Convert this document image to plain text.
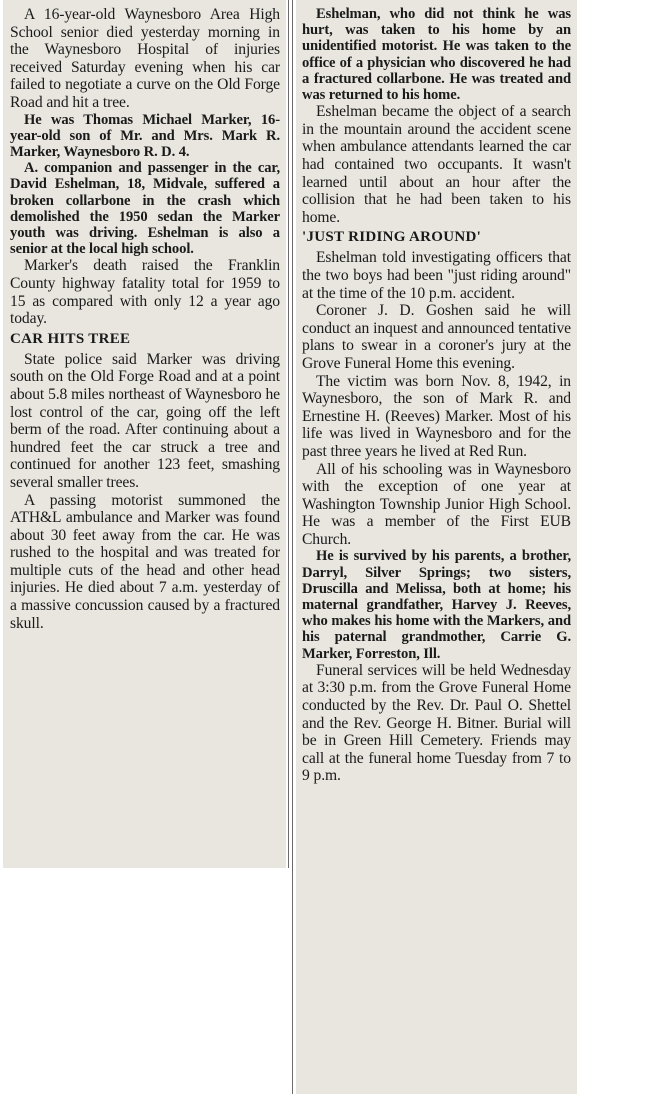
A 16-year-old Waynesboro Area High School senior died yesterday morning in the Waynesboro Hospital of injuries received Saturday evening when his car failed to negotiate a curve on the Old Forge Road and hit a tree.

He was Thomas Michael Marker, 16-year-old son of Mr. and Mrs. Mark R. Marker, Waynesboro R. D. 4.

A. companion and passenger in the car, David Eshelman, 18, Midvale, suffered a broken collarbone in the crash which demolished the 1950 sedan the Marker youth was driving. Eshelman is also a senior at the local high school.

Marker's death raised the Franklin County highway fatality total for 1959 to 15 as compared with only 12 a year ago today.

CAR HITS TREE

State police said Marker was driving south on the Old Forge Road and at a point about 5.8 miles northeast of Waynesboro he lost control of the car, going off the left berm of the road. After continuing about a hundred feet the car struck a tree and continued for another 123 feet, smashing several smaller trees.

A passing motorist summoned the ATH&L ambulance and Marker was found about 30 feet away from the car. He was rushed to the hospital and was treated for multiple cuts of the head and other head injuries. He died about 7 a.m. yesterday of a massive concussion caused by a fractured skull.

Eshelman, who did not think he was hurt, was taken to his home by an unidentified motorist. He was taken to the office of a physician who discovered he had a fractured collarbone. He was treated and was returned to his home.

Eshelman became the object of a search in the mountain around the accident scene when ambulance attendants learned the car had contained two occupants. It wasn't learned until about an hour after the collision that he had been taken to his home.

'JUST RIDING AROUND'

Eshelman told investigating officers that the two boys had been "just riding around" at the time of the 10 p.m. accident.

Coroner J. D. Goshen said he will conduct an inquest and announced tentative plans to swear in a coroner's jury at the Grove Funeral Home this evening.

The victim was born Nov. 8, 1942, in Waynesboro, the son of Mark R. and Ernestine H. (Reeves) Marker. Most of his life was lived in Waynesboro and for the past three years he lived at Red Run.

All of his schooling was in Waynesboro with the exception of one year at Washington Township Junior High School. He was a member of the First EUB Church.

He is survived by his parents, a brother, Darryl, Silver Springs; two sisters, Druscilla and Melissa, both at home; his maternal grandfather, Harvey J. Reeves, who makes his home with the Markers, and his paternal grandmother, Carrie G. Marker, Forreston, Ill.

Funeral services will be held Wednesday at 3:30 p.m. from the Grove Funeral Home conducted by the Rev. Dr. Paul O. Shettel and the Rev. George H. Bitner. Burial will be in Green Hill Cemetery. Friends may call at the funeral home Tuesday from 7 to 9 p.m.
